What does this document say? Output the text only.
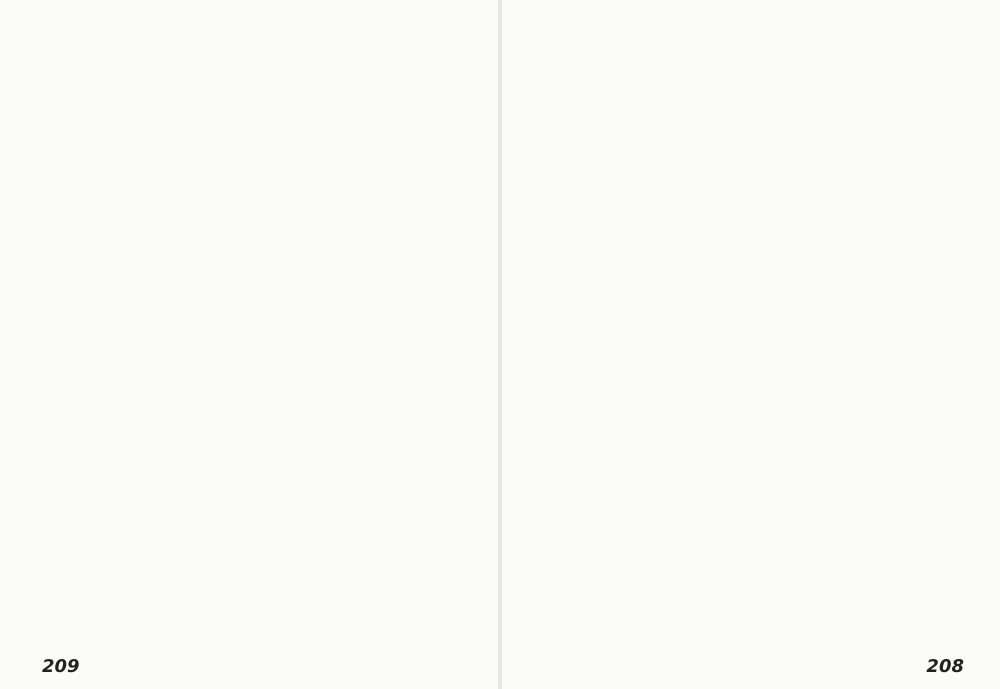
209	208
